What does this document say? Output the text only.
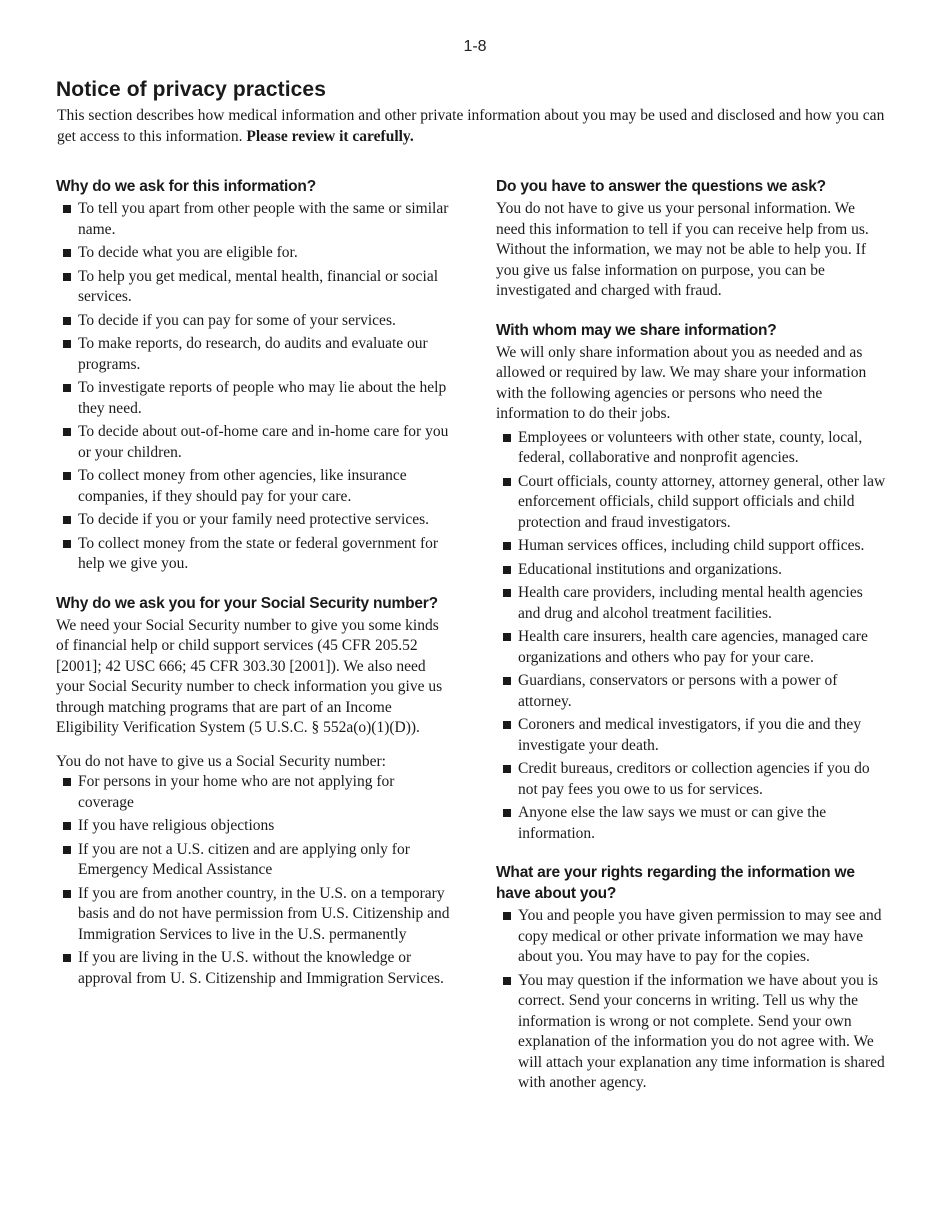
1-8
Notice of privacy practices

This section describes how medical information and other private information about you may be used and disclosed and how you can get access to this information. Please review it carefully.

Why do we ask for this information?
To tell you apart from other people with the same or similar name.
To decide what you are eligible for.
To help you get medical, mental health, financial or social services.
To decide if you can pay for some of your services.
To make reports, do research, do audits and evaluate our programs.
To investigate reports of people who may lie about the help they need.
To decide about out-of-home care and in-home care for you or your children.
To collect money from other agencies, like insurance companies, if they should pay for your care.
To decide if you or your family need protective services.
To collect money from the state or federal government for help we give you.
Why do we ask you for your Social Security number?

We need your Social Security number to give you some kinds of financial help or child support services (45 CFR 205.52 [2001]; 42 USC 666; 45 CFR 303.30 [2001]). We also need your Social Security number to check information you give us through matching programs that are part of an Income Eligibility Verification System (5 U.S.C. § 552a(o)(1)(D)).

You do not have to give us a Social Security number:

For persons in your home who are not applying for coverage
If you have religious objections
If you are not a U.S. citizen and are applying only for Emergency Medical Assistance
If you are from another country, in the U.S. on a temporary basis and do not have permission from U.S. Citizenship and Immigration Services to live in the U.S. permanently
If you are living in the U.S. without the knowledge or approval from U. S. Citizenship and Immigration Services.
Do you have to answer the questions we ask?

You do not have to give us your personal information. We need this information to tell if you can receive help from us. Without the information, we may not be able to help you. If you give us false information on purpose, you can be investigated and charged with fraud.

With whom may we share information?

We will only share information about you as needed and as allowed or required by law. We may share your information with the following agencies or persons who need the information to do their jobs.

Employees or volunteers with other state, county, local, federal, collaborative and nonprofit agencies.
Court officials, county attorney, attorney general, other law enforcement officials, child support officials and child protection and fraud investigators.
Human services offices, including child support offices.
Educational institutions and organizations.
Health care providers, including mental health agencies and drug and alcohol treatment facilities.
Health care insurers, health care agencies, managed care organizations and others who pay for your care.
Guardians, conservators or persons with a power of attorney.
Coroners and medical investigators, if you die and they investigate your death.
Credit bureaus, creditors or collection agencies if you do not pay fees you owe to us for services.
Anyone else the law says we must or can give the information.
What are your rights regarding the information we have about you?
You and people you have given permission to may see and copy medical or other private information we may have about you. You may have to pay for the copies.
You may question if the information we have about you is correct. Send your concerns in writing. Tell us why the information is wrong or not complete. Send your own explanation of the information you do not agree with. We will attach your explanation any time information is shared with another agency.
